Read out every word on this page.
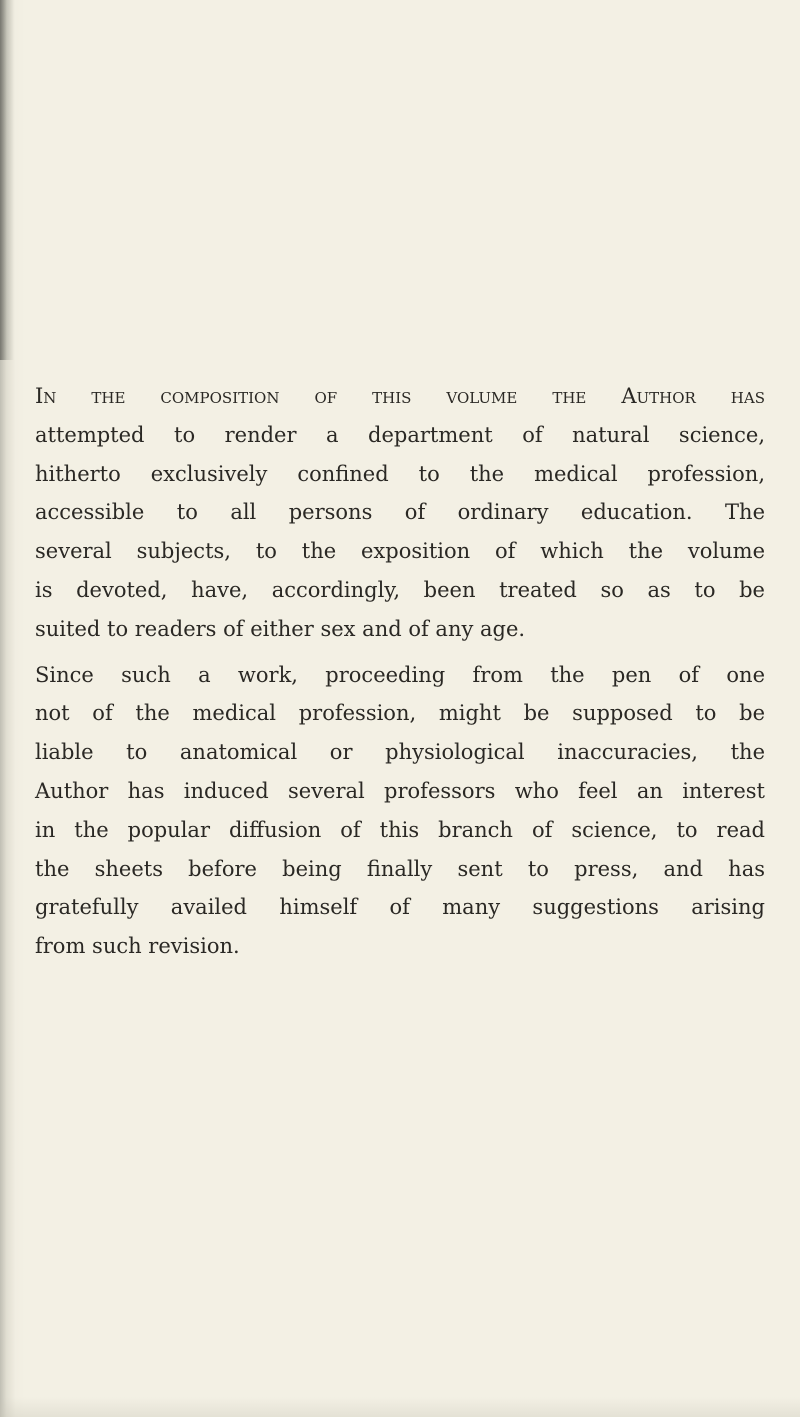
In the composition of this volume the Author has
attempted to render a department of natural science,
hitherto exclusively confined to the medical profession,
accessible to all persons of ordinary education. The
several subjects, to the exposition of which the volume
is devoted, have, accordingly, been treated so as to be
suited to readers of either sex and of any age.

Since such a work, proceeding from the pen of one
not of the medical profession, might be supposed to be
liable to anatomical or physiological inaccuracies, the
Author has induced several professors who feel an interest
in the popular diffusion of this branch of science, to read
the sheets before being finally sent to press, and has
gratefully availed himself of many suggestions arising
from such revision.
